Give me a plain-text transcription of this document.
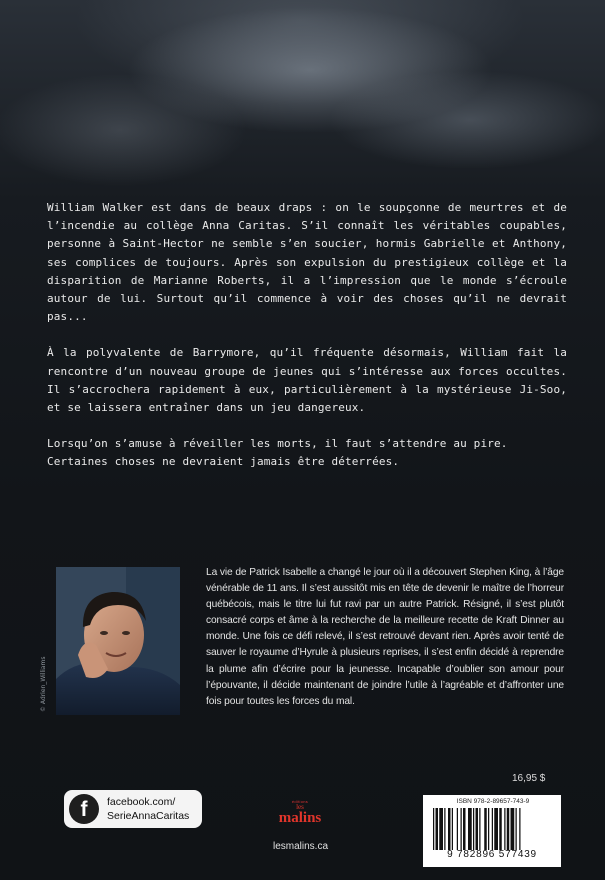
William Walker est dans de beaux draps : on le soupçonne de meurtres et de l’incendie au collège Anna Caritas. S’il connaît les véritables coupables, personne à Saint-Hector ne semble s’en soucier, hormis Gabrielle et Anthony, ses complices de toujours. Après son expulsion du prestigieux collège et la disparition de Marianne Roberts, il a l’impression que le monde s’écroule autour de lui. Surtout qu’il commence à voir des choses qu’il ne devrait pas...

À la polyvalente de Barrymore, qu’il fréquente désormais, William fait la rencontre d’un nouveau groupe de jeunes qui s’intéresse aux forces occultes. Il s’accrochera rapidement à eux, particulièrement à la mystérieuse Ji-Soo, et se laissera entraîner dans un jeu dangereux.

Lorsqu’on s’amuse à réveiller les morts, il faut s’attendre au pire.
Certaines choses ne devraient jamais être déterrées.

© Adrien_Williams
La vie de Patrick Isabelle a changé le jour où il a découvert Stephen King, à l’âge vénérable de 11 ans. Il s’est aussitôt mis en tête de devenir le maître de l’horreur québécois, mais le titre lui fut ravi par un autre Patrick. Résigné, il s’est plutôt consacré corps et âme à la recherche de la meilleure recette de Kraft Dinner au monde. Une fois ce défi relevé, il s’est retrouvé devant rien. Après avoir tenté de sauver le royaume d’Hyrule à plusieurs reprises, il s’est enfin décidé à reprendre la plume afin d’écrire pour la jeunesse. Incapable d’oublier son amour pour l’épouvante, il décide maintenant de joindre l’utile à l’agréable et d’affronter une fois pour toutes les forces du mal.
16,95 $
f	facebook.com/
SerieAnnaCaritas
éditions
les
malins
lesmalins.ca
ISBN 978-2-89657-743-9
9 782896 577439
